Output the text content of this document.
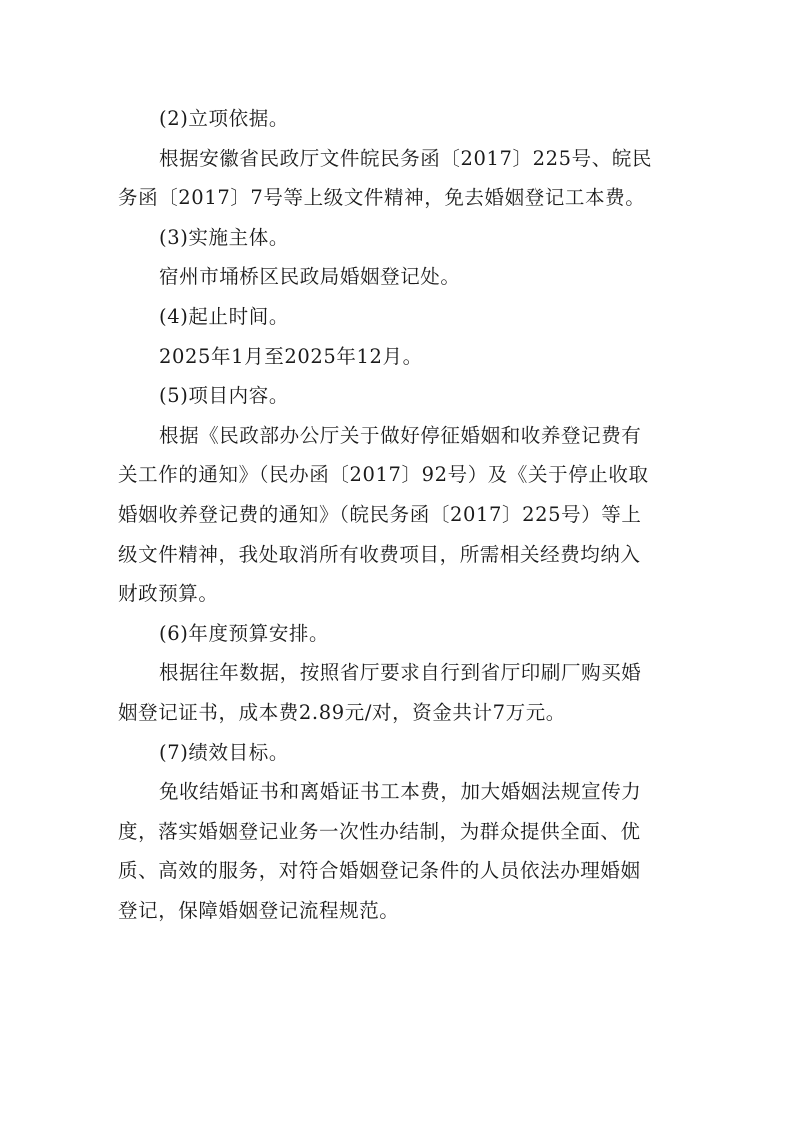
(2)立项依据。
根据安徽省民政厅文件皖民务函〔2017〕225号、皖民
务函〔2017〕7号等上级文件精神，免去婚姻登记工本费。
(3)实施主体。
宿州市埇桥区民政局婚姻登记处。
(4)起止时间。
2025年1月至2025年12月。
(5)项目内容。
根据《民政部办公厅关于做好停征婚姻和收养登记费有
关工作的通知》（民办函〔2017〕92号）及《关于停止收取
婚姻收养登记费的通知》（皖民务函〔2017〕225号）等上
级文件精神，我处取消所有收费项目，所需相关经费均纳入
财政预算。
(6)年度预算安排。
根据往年数据，按照省厅要求自行到省厅印刷厂购买婚
姻登记证书，成本费2.89元/对，资金共计7万元。
(7)绩效目标。
免收结婚证书和离婚证书工本费，加大婚姻法规宣传力
度，落实婚姻登记业务一次性办结制，为群众提供全面、优
质、高效的服务，对符合婚姻登记条件的人员依法办理婚姻
登记，保障婚姻登记流程规范。
